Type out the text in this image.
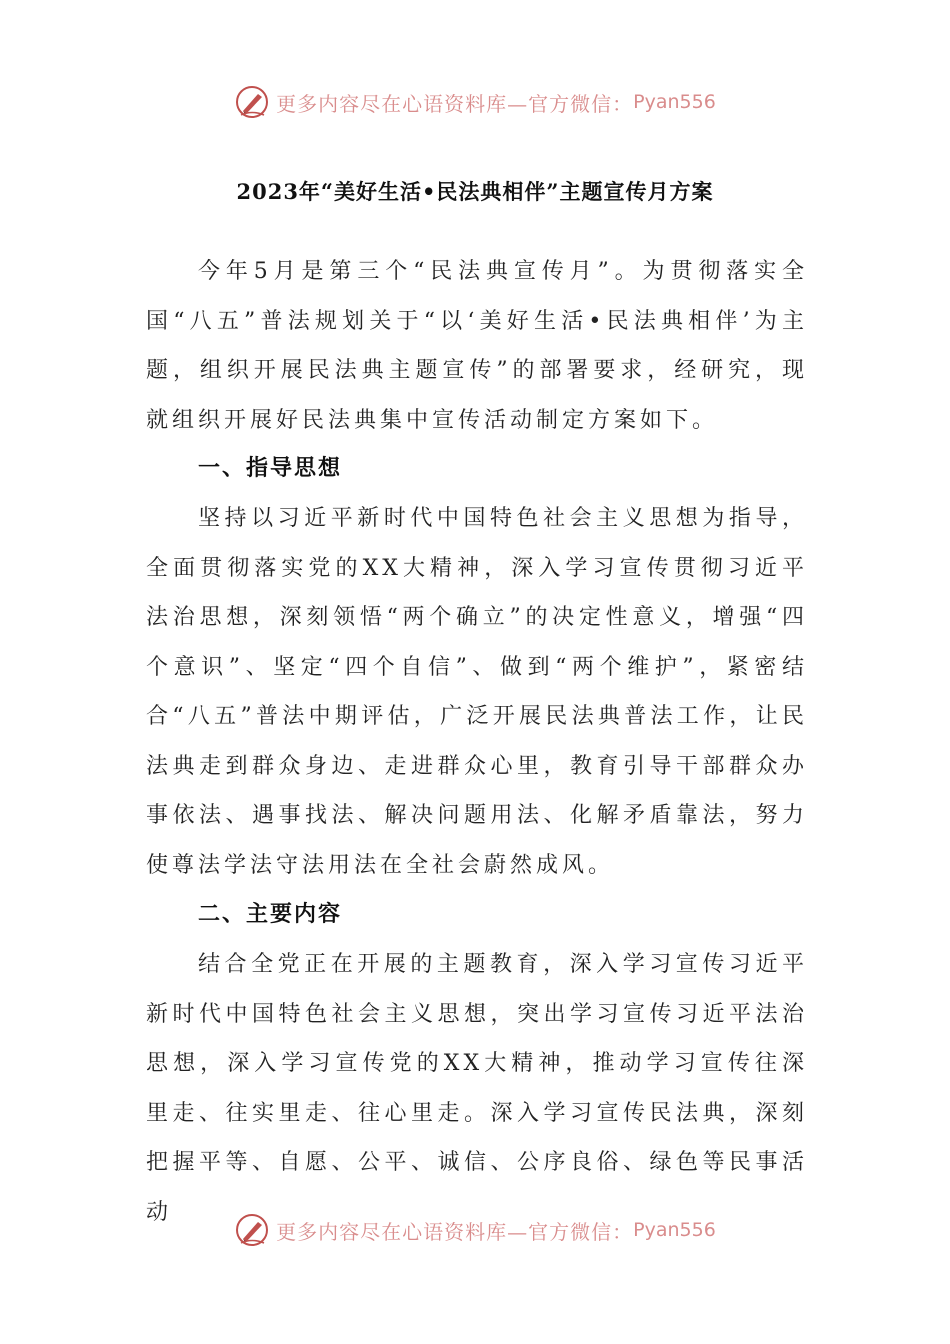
更多内容尽在心语资料库—官方微信： Pyan556
2023年“美好生活•民法典相伴”主题宣传月方案

今年5月是第三个“民法典宣传月”。为贯彻落实全国“八五”普法规划关于“以‘美好生活•民法典相伴’为主题，组织开展民法典主题宣传”的部署要求，经研究，现就组织开展好民法典集中宣传活动制定方案如下。

一、指导思想

坚持以习近平新时代中国特色社会主义思想为指导，全面贯彻落实党的XX大精神，深入学习宣传贯彻习近平法治思想，深刻领悟“两个确立”的决定性意义，增强“四个意识”、坚定“四个自信”、做到“两个维护”，紧密结合“八五”普法中期评估，广泛开展民法典普法工作，让民法典走到群众身边、走进群众心里，教育引导干部群众办事依法、遇事找法、解决问题用法、化解矛盾靠法，努力使尊法学法守法用法在全社会蔚然成风。

二、主要内容

结合全党正在开展的主题教育，深入学习宣传习近平新时代中国特色社会主义思想，突出学习宣传习近平法治思想，深入学习宣传党的XX大精神，推动学习宣传往深里走、往实里走、往心里走。深入学习宣传民法典，深刻把握平等、自愿、公平、诚信、公序良俗、绿色等民事活动

更多内容尽在心语资料库—官方微信： Pyan556
